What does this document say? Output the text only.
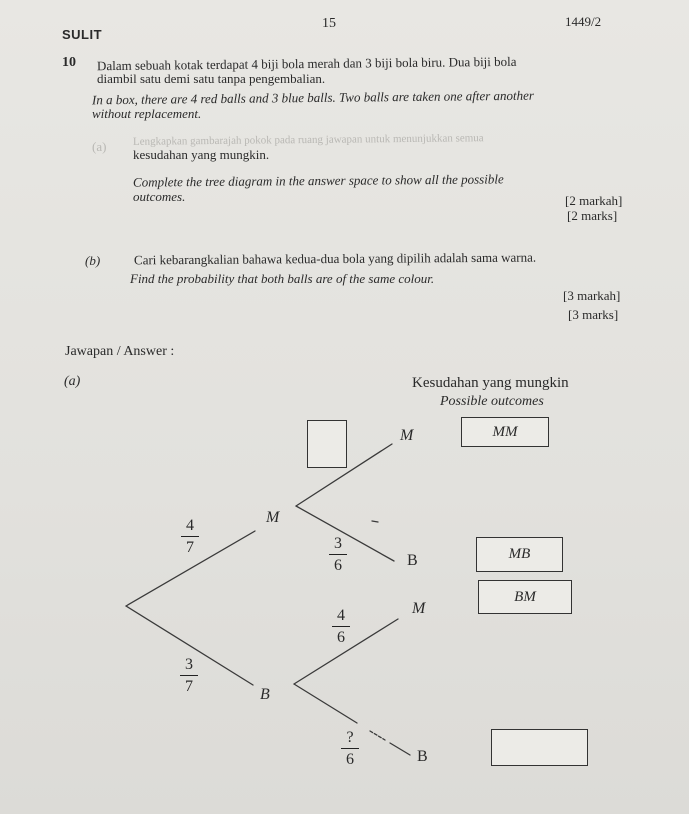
SULIT
15	1449/2
10 Dalam sebuah kotak terdapat 4 biji bola merah dan 3 biji bola biru. Dua biji bola
diambil satu demi satu tanpa pengembalian.
In a box, there are 4 red balls and 3 blue balls. Two balls are taken one after another
without replacement.
(a) Lengkapkan gambarajah pokok pada ruang jawapan untuk menunjukkan semua
kesudahan yang mungkin.
Complete the tree diagram in the answer space to show all the possible
outcomes.	[2 markah]
[2 marks]
(b)	Cari kebarangkalian bahawa kedua-dua bola yang dipilih adalah sama warna.
Find the probability that both balls are of the same colour.
[3 markah]
[3 marks]
Jawapan / Answer :
(a)	Kesudahan yang mungkin
Possible outcomes
M
B
4
7
3
7
M
B
M
B
3
6
4
6
?
6
MM
MB
BM
